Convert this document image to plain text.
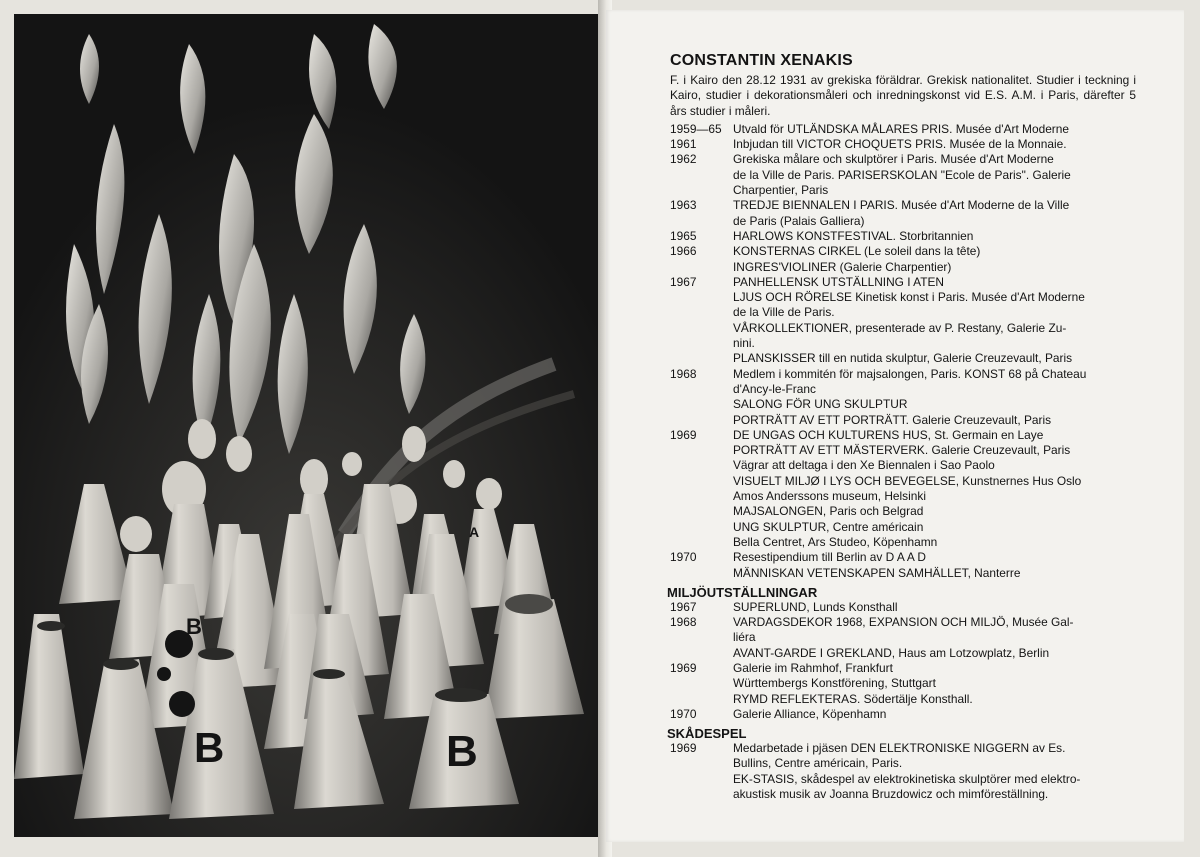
A
B	B
B
CONSTANTIN XENAKIS
F. i Kairo den 28.12 1931 av grekiska föräldrar. Grekisk nationalitet. Studier i teckning i Kairo, studier i dekorationsmåleri och inredningskonst vid E.S. A.M. i Paris, därefter 5 års studier i måleri.
1959—65 Utvald för UTLÄNDSKA MÅLARES PRIS. Musée d'Art Moderne
1961	Inbjudan till VICTOR CHOQUETS PRIS. Musée de la Monnaie.
1962	Grekiska målare och skulptörer i Paris. Musée d'Art Moderne
de la Ville de Paris. PARISERSKOLAN "Ecole de Paris". Galerie
Charpentier, Paris
1963	TREDJE BIENNALEN I PARIS. Musée d'Art Moderne de la Ville
de Paris (Palais Galliera)
1965	HARLOWS KONSTFESTIVAL. Storbritannien
1966	KONSTERNAS CIRKEL (Le soleil dans la tête)
INGRES'VIOLINER (Galerie Charpentier)
1967	PANHELLENSK UTSTÄLLNING I ATEN
LJUS OCH RÖRELSE Kinetisk konst i Paris. Musée d'Art Moderne
de la Ville de Paris.
VÅRKOLLEKTIONER, presenterade av P. Restany, Galerie Zu-
nini.
PLANSKISSER till en nutida skulptur, Galerie Creuzevault, Paris
1968	Medlem i kommitén för majsalongen, Paris. KONST 68 på Chateau
d'Ancy-le-Franc
SALONG FÖR UNG SKULPTUR
PORTRÄTT AV ETT PORTRÄTT. Galerie Creuzevault, Paris
1969	DE UNGAS OCH KULTURENS HUS, St. Germain en Laye
PORTRÄTT AV ETT MÄSTERVERK. Galerie Creuzevault, Paris
Vägrar att deltaga i den Xe Biennalen i Sao Paolo
VISUELT MILJØ I LYS OCH BEVEGELSE, Kunstnernes Hus Oslo
Amos Anderssons museum, Helsinki
MAJSALONGEN, Paris och Belgrad
UNG SKULPTUR, Centre américain
Bella Centret, Ars Studeo, Köpenhamn
1970	Resestipendium till Berlin av D A A D
MÄNNISKAN VETENSKAPEN SAMHÄLLET, Nanterre
MILJÖUTSTÄLLNINGAR
1967	SUPERLUND, Lunds Konsthall
1968	VARDAGSDEKOR 1968, EXPANSION OCH MILJÖ, Musée Gal-
liéra
AVANT-GARDE I GREKLAND, Haus am Lotzowplatz, Berlin
1969	Galerie im Rahmhof, Frankfurt
Württembergs Konstförening, Stuttgart
RYMD REFLEKTERAS. Södertälje Konsthall.
1970	Galerie Alliance, Köpenhamn
SKÅDESPEL
1969	Medarbetade i pjäsen DEN ELEKTRONISKE NIGGERN av Es.
Bullins, Centre américain, Paris.
EK-STASIS, skådespel av elektrokinetiska skulptörer med elektro-
akustisk musik av Joanna Bruzdowicz och mimföreställning.
